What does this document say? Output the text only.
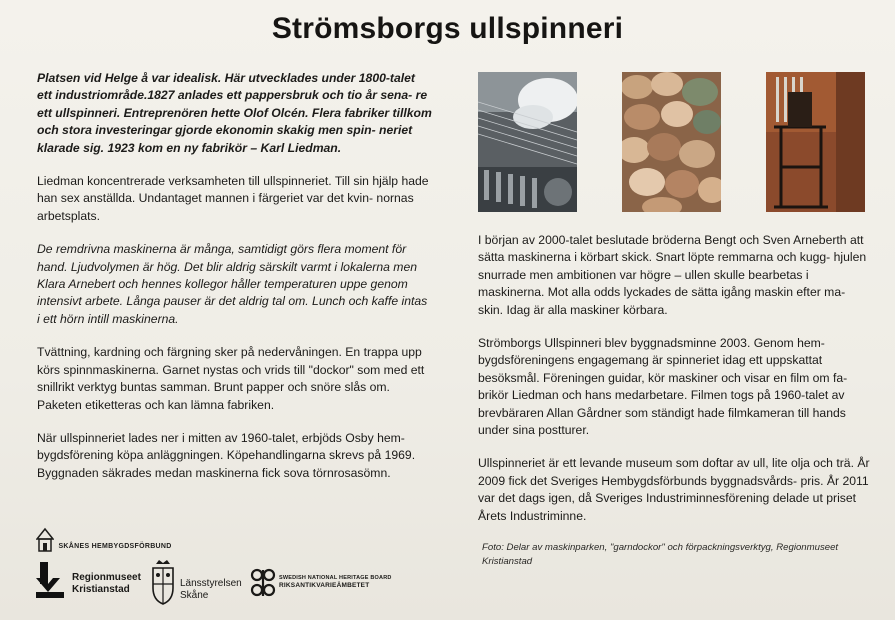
Strömsborgs ullspinneri

Platsen vid Helge å var idealisk. Här utvecklades under 1800-talet ett industriområde.1827 anlades ett pappersbruk och tio år sena- re ett ullspinneri. Entreprenören hette Olof Olcén. Flera fabriker tillkom och stora investeringar gjorde ekonomin skakig men spin- neriet klarade sig. 1923 kom en ny fabrikör – Karl Liedman.

Liedman koncentrerade verksamheten till ullspinneriet. Till sin hjälp hade han sex anställda. Undantaget mannen i färgeriet var det kvin- nornas arbetsplats.

De remdrivna maskinerna är många, samtidigt görs flera moment för hand. Ljudvolymen är hög. Det blir aldrig särskilt varmt i lokalerna men Klara Arnebert och hennes kollegor håller temperaturen uppe genom intensivt arbete. Långa pauser är det aldrig tal om. Lunch och kaffe intas i ett hörn intill maskinerna.

Tvättning, kardning och färgning sker på nedervåningen. En trappa upp körs spinnmaskinerna. Garnet nystas och vrids till "dockor" som med ett snillrikt verktyg buntas samman. Brunt papper och snöre slås om. Paketen etiketteras och kan lämna fabriken.

När ullspinneriet lades ner i mitten av 1960-talet, erbjöds Osby hem- bygdsförening köpa anläggningen. Köpehandlingarna skrevs på 1969. Byggnaden säkrades medan maskinerna fick sova törnrosasömn.

I början av 2000-talet beslutade bröderna Bengt och Sven Arneberth att sätta maskinerna i körbart skick. Snart löpte remmarna och kugg- hjulen snurrade men ambitionen var högre – ullen skulle bearbetas i maskinerna. Mot alla odds lyckades de sätta igång maskin efter ma- skin. Idag är alla maskiner körbara.

Strömborgs Ullspinneri blev byggnadsminne 2003. Genom hem- bygdsföreningens engagemang är spinneriet idag ett uppskattat besöksmål. Föreningen guidar, kör maskiner och visar en film om fa- brikör Liedman och hans medarbetare. Filmen togs på 1960-talet av brevbäraren Allan Gårdner som ständigt hade filmkameran till hands under sina postturer.

Ullspinneriet är ett levande museum som doftar av ull, lite olja och trä. År 2009 fick det Sveriges Hembygdsförbunds byggnadsvårds- pris. År 2011 var det dags igen, då Sveriges Industriminnesförening delade ut priset Årets Industriminne.

Foto: Delar av maskinparken, "garndockor" och förpackningsverktyg, Regionmuseet Kristianstad
SKÅNES HEMBYGDSFÖRBUND
Regionmuseet
Kristianstad
Länsstyrelsen
Skåne
SWEDISH NATIONAL HERITAGE BOARD
RIKSANTIKVARIEÄMBETET
